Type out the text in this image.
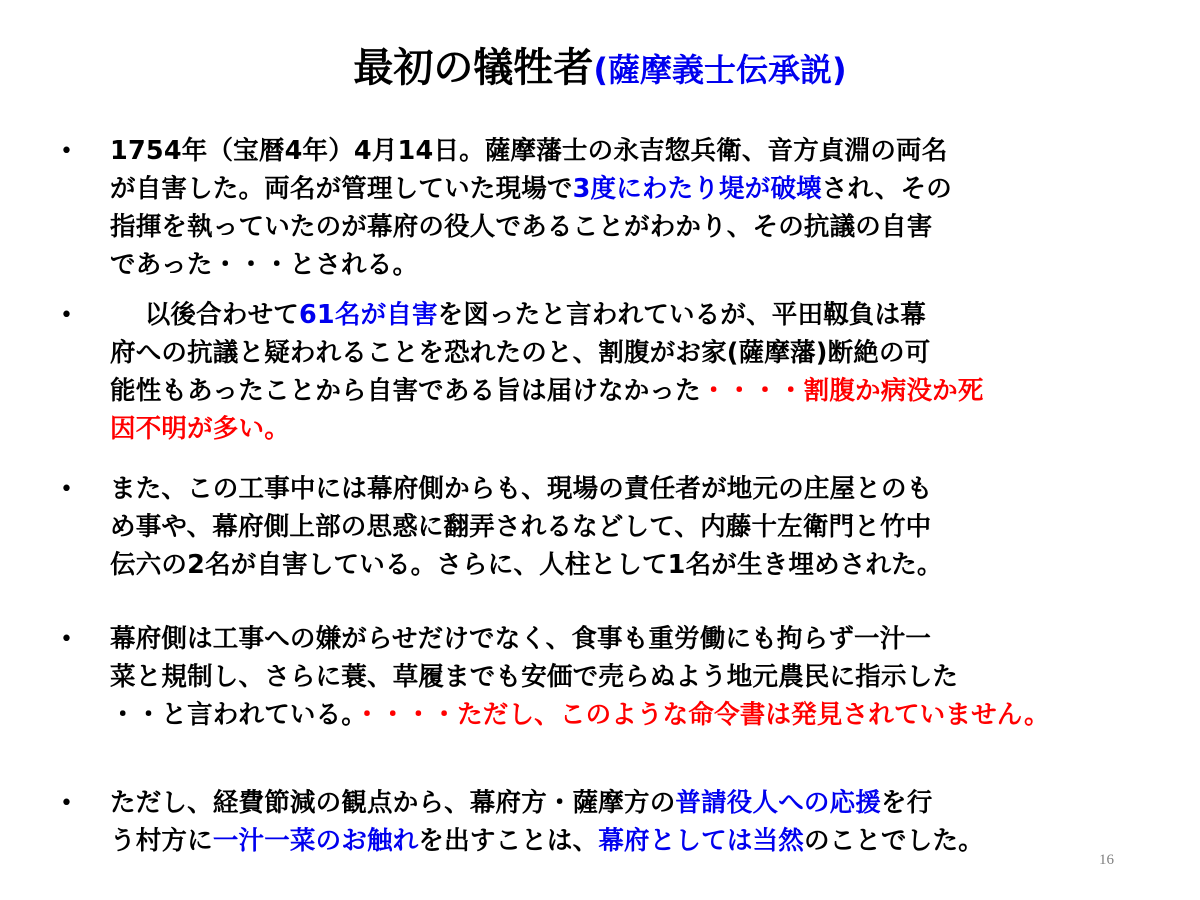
最初の犠牲者(薩摩義士伝承説)
• 1754年（宝暦4年）4月14日。薩摩藩士の永吉惣兵衛、音方貞淵の両名
が自害した。両名が管理していた現場で3度にわたり堤が破壊され、その
指揮を執っていたのが幕府の役人であることがわかり、その抗議の自害
であった・・・とされる。
• 　 以後合わせて61名が自害を図ったと言われているが、平田靱負は幕
府への抗議と疑われることを恐れたのと、割腹がお家(薩摩藩)断絶の可
能性もあったことから自害である旨は届けなかった・・・・割腹か病没か死
因不明が多い。
• また、この工事中には幕府側からも、現場の責任者が地元の庄屋とのも
め事や、幕府側上部の思惑に翻弄されるなどして、内藤十左衛門と竹中
伝六の2名が自害している。さらに、人柱として1名が生き埋めされた。
• 幕府側は工事への嫌がらせだけでなく、食事も重労働にも拘らず一汁一
菜と規制し、さらに蓑、草履までも安価で売らぬよう地元農民に指示した
・・と言われている。・・・・ただし、このような命令書は発見されていません。
• ただし、経費節減の観点から、幕府方・薩摩方の普請役人への応援を行
う村方に一汁一菜のお触れを出すことは、幕府としては当然のことでした。
16
